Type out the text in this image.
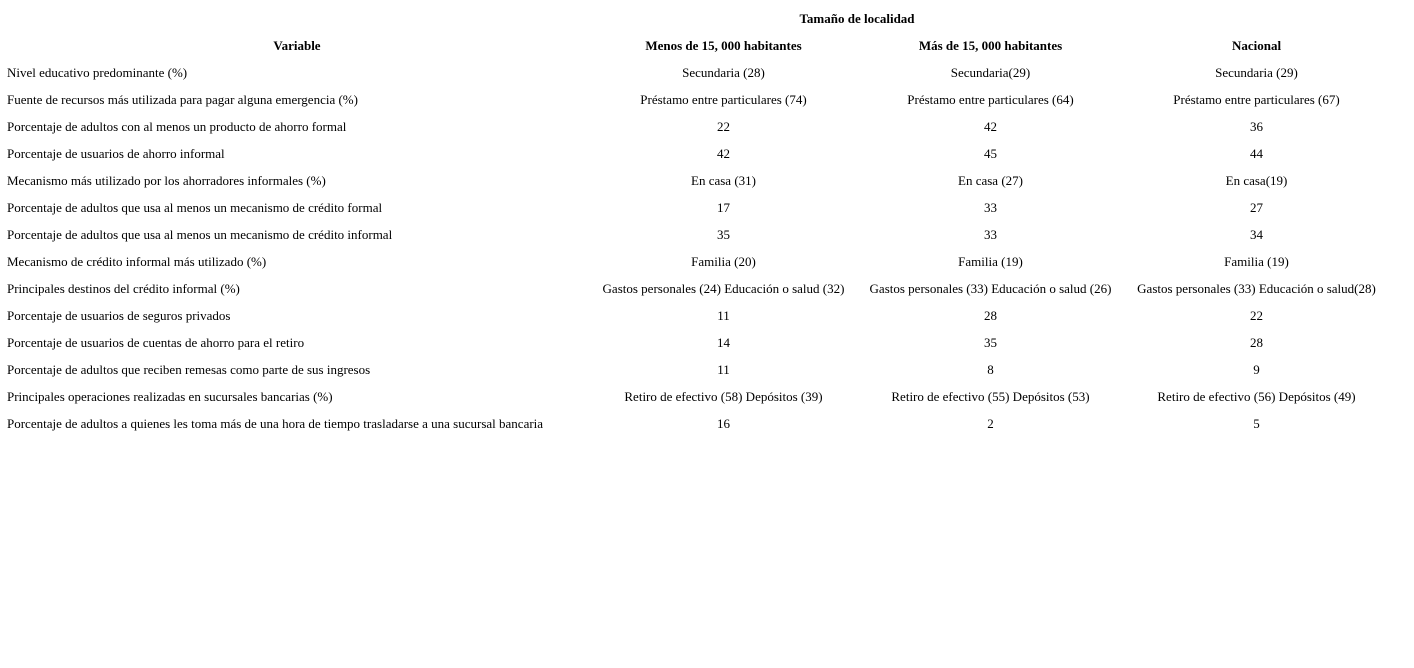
	Tamaño de localidad		
Variable	Menos de 15, 000 habitantes	Más de 15, 000 habitantes	Nacional
Nivel educativo predominante (%)	Secundaria (28)	Secundaria(29)	Secundaria (29)
Fuente de recursos más utilizada para pagar alguna emergencia (%)	Préstamo entre particulares (74)	Préstamo entre particulares (64)	Préstamo entre particulares (67)
Porcentaje de adultos con al menos un producto de ahorro formal	22	42	36
Porcentaje de usuarios de ahorro informal	42	45	44
Mecanismo más utilizado por los ahorradores informales (%)	En casa (31)	En casa (27)	En casa(19)
Porcentaje de adultos que usa al menos un mecanismo de crédito formal	17	33	27
Porcentaje de adultos que usa al menos un mecanismo de crédito informal	35	33	34
Mecanismo de crédito informal más utilizado (%)	Familia (20)	Familia (19)	Familia (19)
Principales destinos del crédito informal (%)	Gastos personales (24) Educación o salud (32)	Gastos personales (33) Educación o salud (26)	Gastos personales (33) Educación o salud(28)
Porcentaje de usuarios de seguros privados	11	28	22
Porcentaje de usuarios de cuentas de ahorro para el retiro	14	35	28
Porcentaje de adultos que reciben remesas como parte de sus ingresos	11	8	9
Principales operaciones realizadas en sucursales bancarias (%)	Retiro de efectivo (58) Depósitos (39)	Retiro de efectivo (55) Depósitos (53)	Retiro de efectivo (56) Depósitos (49)
Porcentaje de adultos a quienes les toma más de una hora de tiempo trasladarse a una sucursal bancaria	16	2	5
